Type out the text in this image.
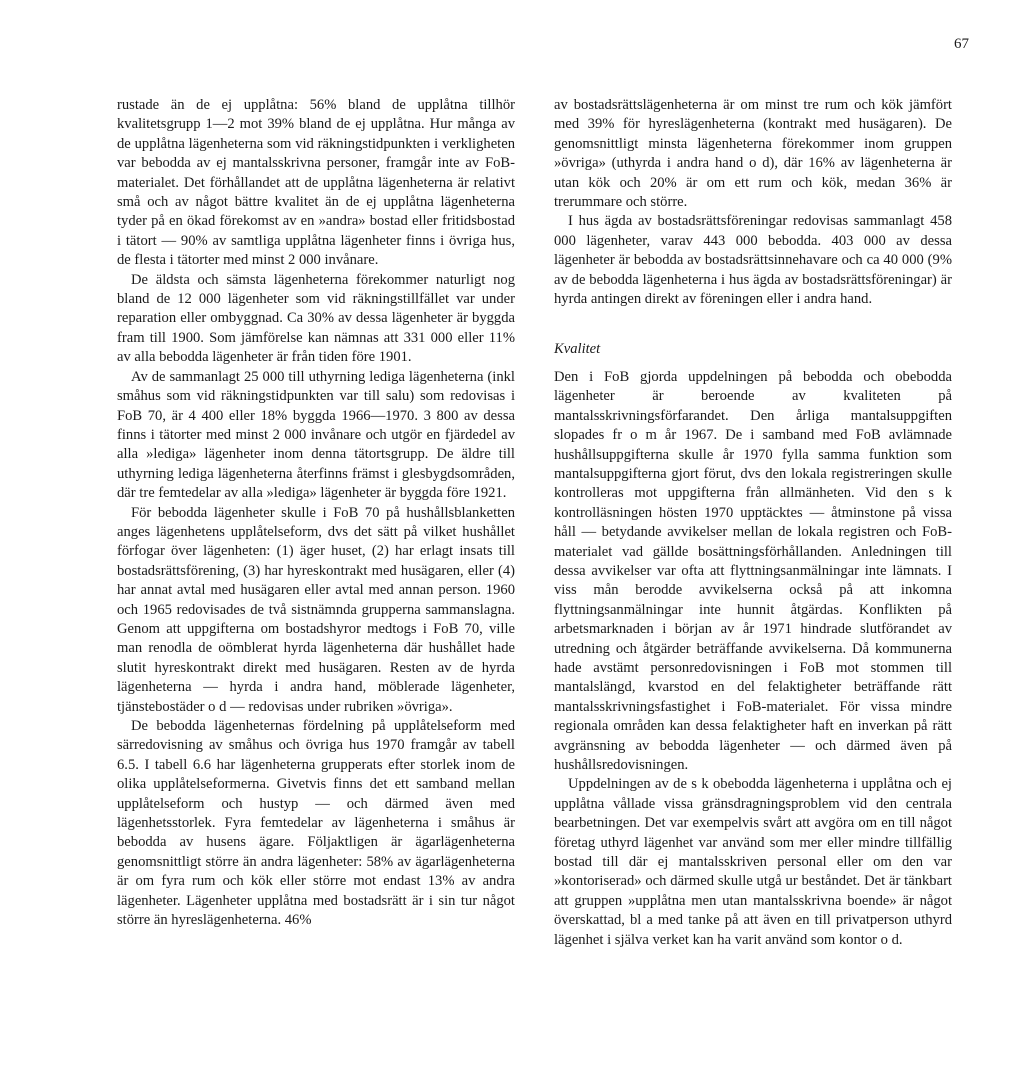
67

rustade än de ej upplåtna: 56% bland de upplåtna tillhör kvalitetsgrupp 1—2 mot 39% bland de ej upplåtna. Hur många av de upplåtna lägenheterna som vid räkningstidpunkten i verkligheten var bebodda av ej mantalsskrivna personer, framgår inte av FoB-materialet. Det förhållandet att de upplåtna lägenheterna är relativt små och av något bättre kvalitet än de ej upplåtna lägenheterna tyder på en ökad förekomst av en »andra» bostad eller fritidsbostad i tätort — 90% av samtliga upplåtna lägenheter finns i övriga hus, de flesta i tätorter med minst 2 000 invånare.

De äldsta och sämsta lägenheterna förekommer naturligt nog bland de 12 000 lägenheter som vid räkningstillfället var under reparation eller ombyggnad. Ca 30% av dessa lägenheter är byggda fram till 1900. Som jämförelse kan nämnas att 331 000 eller 11% av alla bebodda lägenheter är från tiden före 1901.

Av de sammanlagt 25 000 till uthyrning lediga lägenheterna (inkl småhus som vid räkningstidpunkten var till salu) som redovisas i FoB 70, är 4 400 eller 18% byggda 1966—1970. 3 800 av dessa finns i tätorter med minst 2 000 invånare och utgör en fjärdedel av alla »lediga» lägenheter inom denna tätortsgrupp. De äldre till uthyrning lediga lägenheterna återfinns främst i glesbygdsområden, där tre femtedelar av alla »lediga» lägenheter är byggda före 1921.

För bebodda lägenheter skulle i FoB 70 på hushållsblanketten anges lägenhetens upplåtelseform, dvs det sätt på vilket hushållet förfogar över lägenheten: (1) äger huset, (2) har erlagt insats till bostadsrättsförening, (3) har hyreskontrakt med husägaren, eller (4) har annat avtal med husägaren eller avtal med annan person. 1960 och 1965 redovisades de två sistnämnda grupperna sammanslagna. Genom att uppgifterna om bostadshyror medtogs i FoB 70, ville man renodla de oömblerat hyrda lägenheterna där hushållet hade slutit hyreskontrakt direkt med husägaren. Resten av de hyrda lägenheterna — hyrda i andra hand, möblerade lägenheter, tjänstebostäder o d — redovisas under rubriken »övriga».

De bebodda lägenheternas fördelning på upplåtelseform med särredovisning av småhus och övriga hus 1970 framgår av tabell 6.5. I tabell 6.6 har lägenheterna grupperats efter storlek inom de olika upplåtelseformerna. Givetvis finns det ett samband mellan upplåtelseform och hustyp — och därmed även med lägenhetsstorlek. Fyra femtedelar av lägenheterna i småhus är bebodda av husens ägare. Följaktligen är ägarlägenheterna genomsnittligt större än andra lägenheter: 58% av ägarlägenheterna är om fyra rum och kök eller större mot endast 13% av andra lägenheter. Lägenheter upplåtna med bostadsrätt är i sin tur något större än hyreslägenheterna. 46%

av bostadsrättslägenheterna är om minst tre rum och kök jämfört med 39% för hyreslägenheterna (kontrakt med husägaren). De genomsnittligt minsta lägenheterna förekommer inom gruppen »övriga» (uthyrda i andra hand o d), där 16% av lägenheterna är utan kök och 20% är om ett rum och kök, medan 36% är trerummare och större.

I hus ägda av bostadsrättsföreningar redovisas sammanlagt 458 000 lägenheter, varav 443 000 bebodda. 403 000 av dessa lägenheter är bebodda av bostadsrättsinnehavare och ca 40 000 (9% av de bebodda lägenheterna i hus ägda av bostadsrättsföreningar) är hyrda antingen direkt av föreningen eller i andra hand.

Kvalitet

Den i FoB gjorda uppdelningen på bebodda och obebodda lägenheter är beroende av kvaliteten på mantalsskrivningsförfarandet. Den årliga mantalsuppgiften slopades fr o m år 1967. De i samband med FoB avlämnade hushållsuppgifterna skulle år 1970 fylla samma funktion som mantalsuppgifterna gjort förut, dvs den lokala registreringen skulle kontrolleras mot uppgifterna från allmänheten. Vid den s k kontrolläsningen hösten 1970 upptäcktes — åtminstone på vissa håll — betydande avvikelser mellan de lokala registren och FoB-materialet vad gällde bosättningsförhållanden. Anledningen till dessa avvikelser var ofta att flyttningsanmälningar inte lämnats. I viss mån berodde avvikelserna också på att inkomna flyttningsanmälningar inte hunnit åtgärdas. Konflikten på arbetsmarknaden i början av år 1971 hindrade slutförandet av utredning och åtgärder beträffande avvikelserna. Då kommunerna hade avstämt personredovisningen i FoB mot stommen till mantalslängd, kvarstod en del felaktigheter beträffande rätt mantalsskrivningsfastighet i FoB-materialet. För vissa mindre regionala områden kan dessa felaktigheter haft en inverkan på rätt avgränsning av bebodda lägenheter — och därmed även på hushållsredovisningen.

Uppdelningen av de s k obebodda lägenheterna i upplåtna och ej upplåtna vållade vissa gränsdragningsproblem vid den centrala bearbetningen. Det var exempelvis svårt att avgöra om en till något företag uthyrd lägenhet var använd som mer eller mindre tillfällig bostad till där ej mantalsskriven personal eller om den var »kontoriserad» och därmed skulle utgå ur beståndet. Det är tänkbart att gruppen »upplåtna men utan mantalsskrivna boende» är något överskattad, bl a med tanke på att även en till privatperson uthyrd lägenhet i själva verket kan ha varit använd som kontor o d.
